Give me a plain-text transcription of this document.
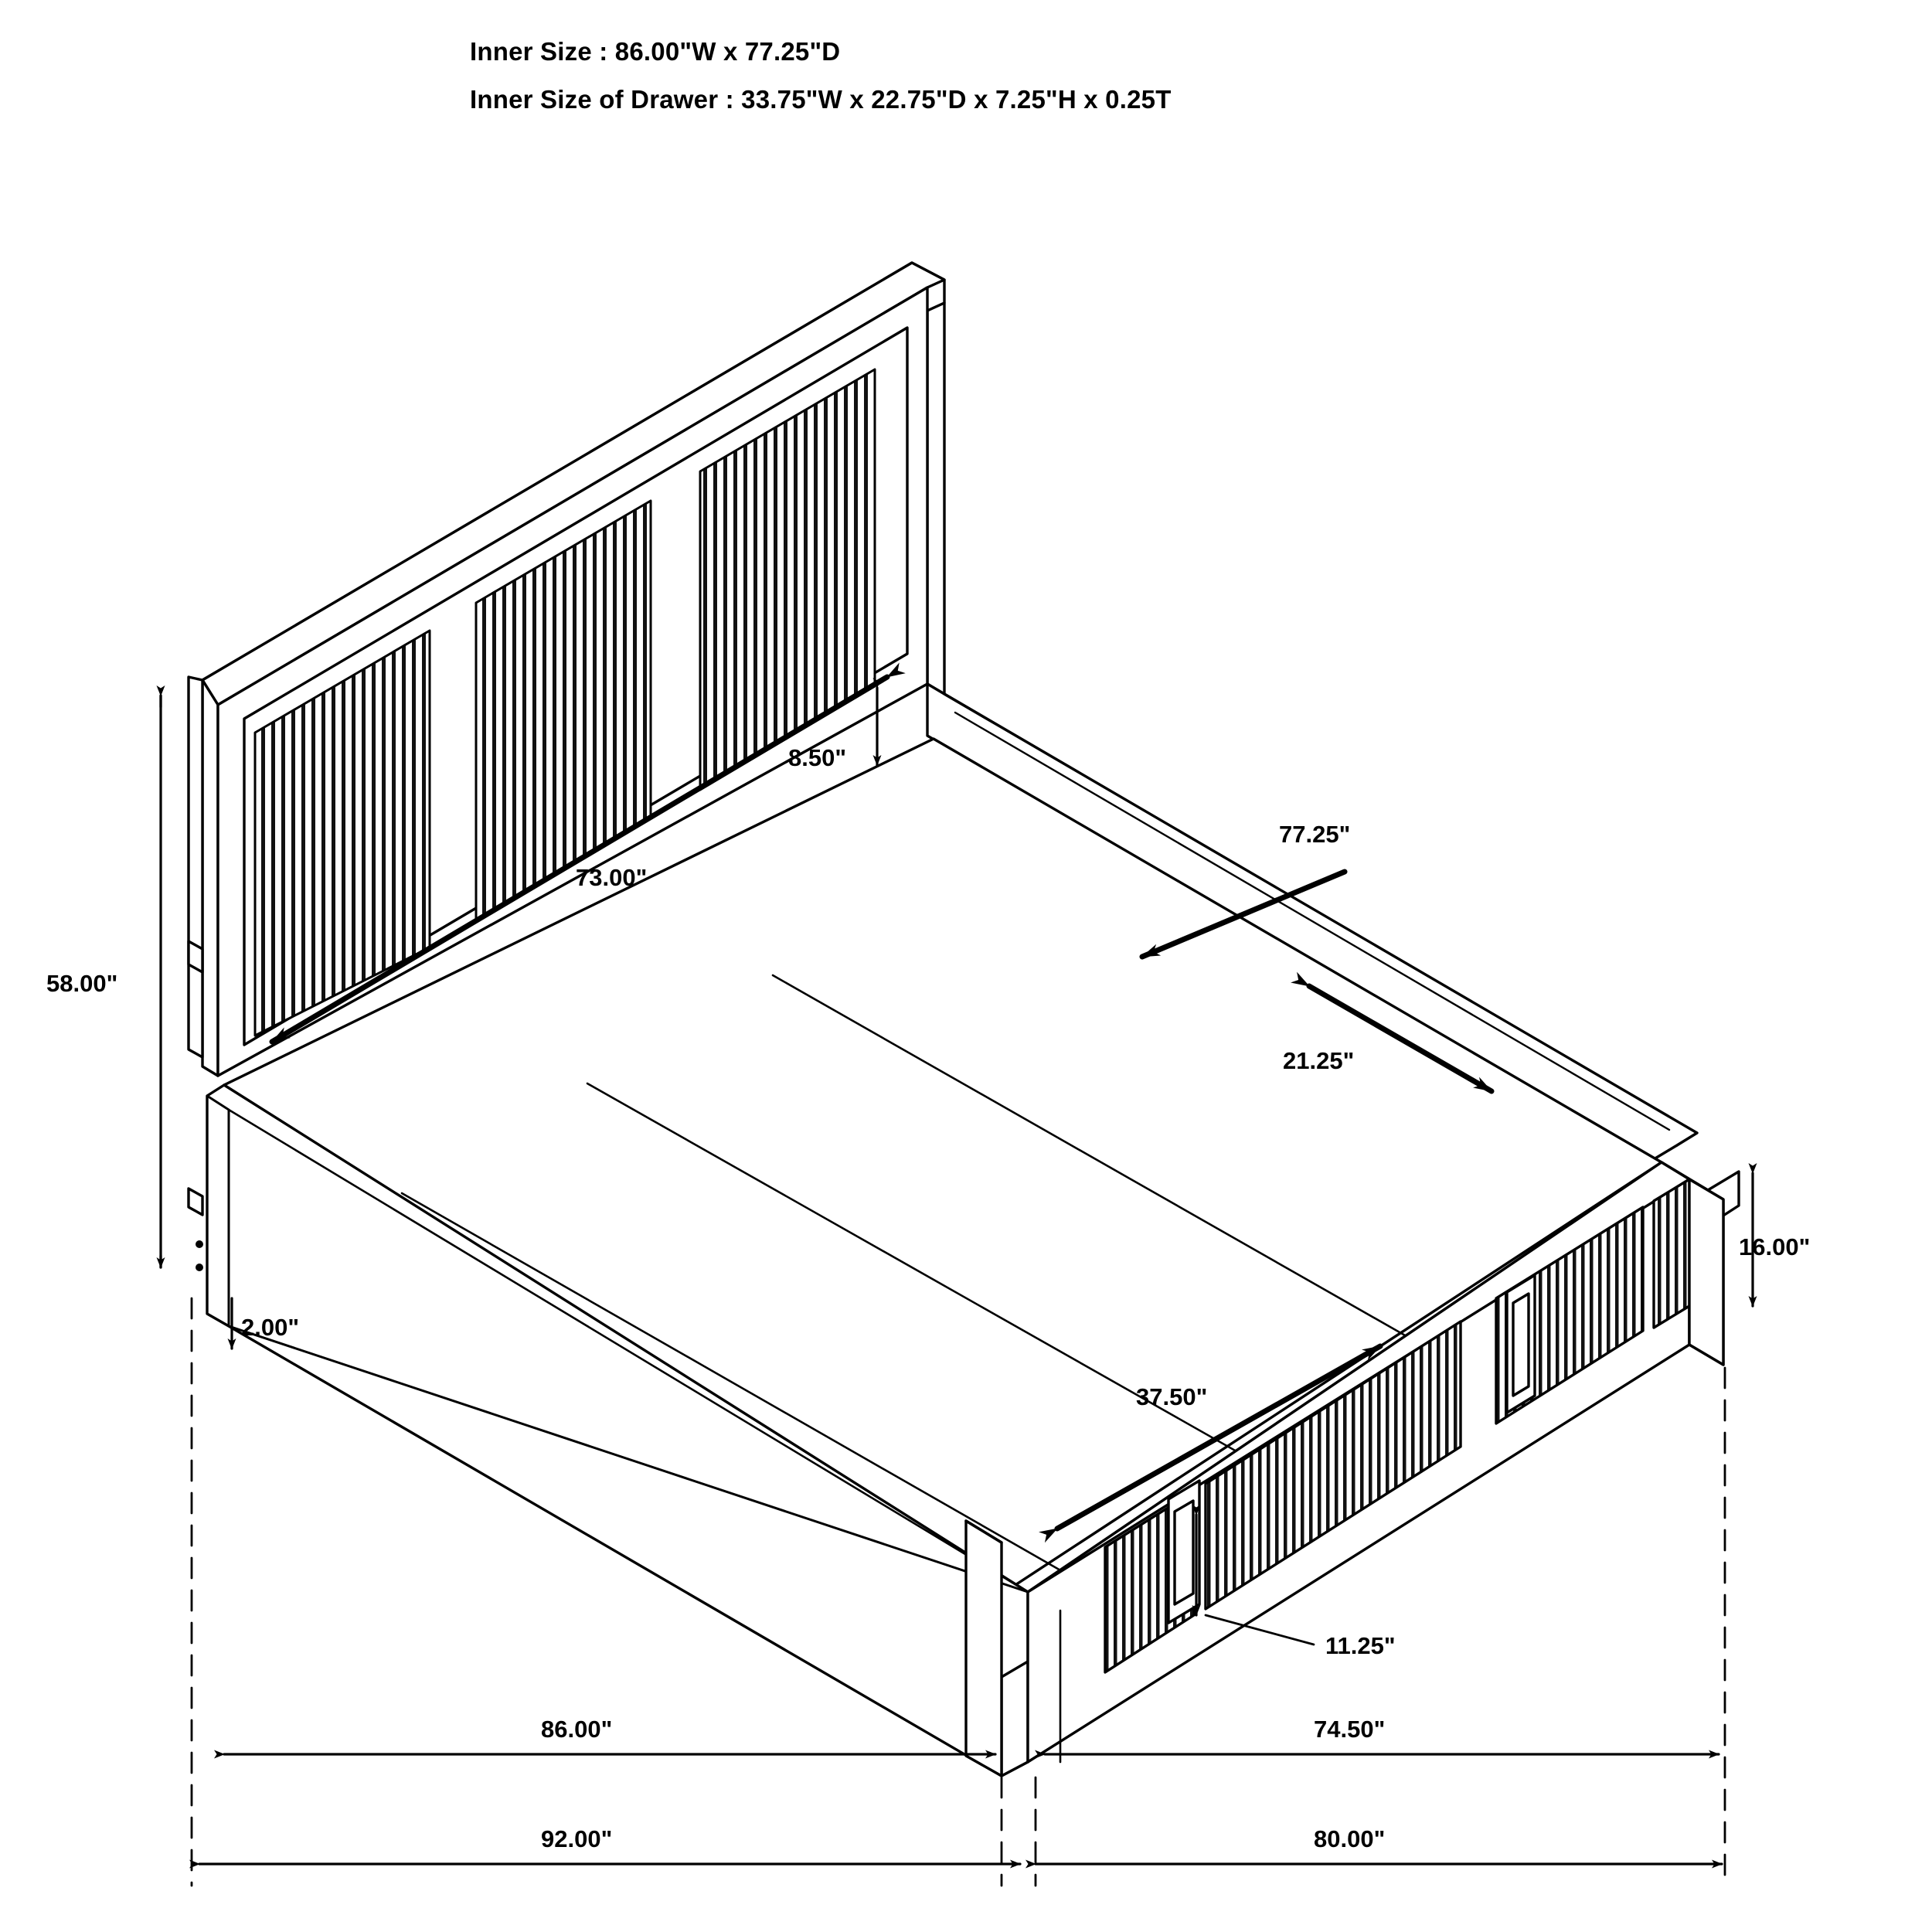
Inner Size : 86.00"W x 77.25"D
Inner Size of Drawer : 33.75"W x 22.75"D x 7.25"H x 0.25T
58.00"
8.50"
73.00"
77.25"
21.25"
2.00"
16.00"
37.50"
11.25"
86.00"	74.50"
92.00"	80.00"
